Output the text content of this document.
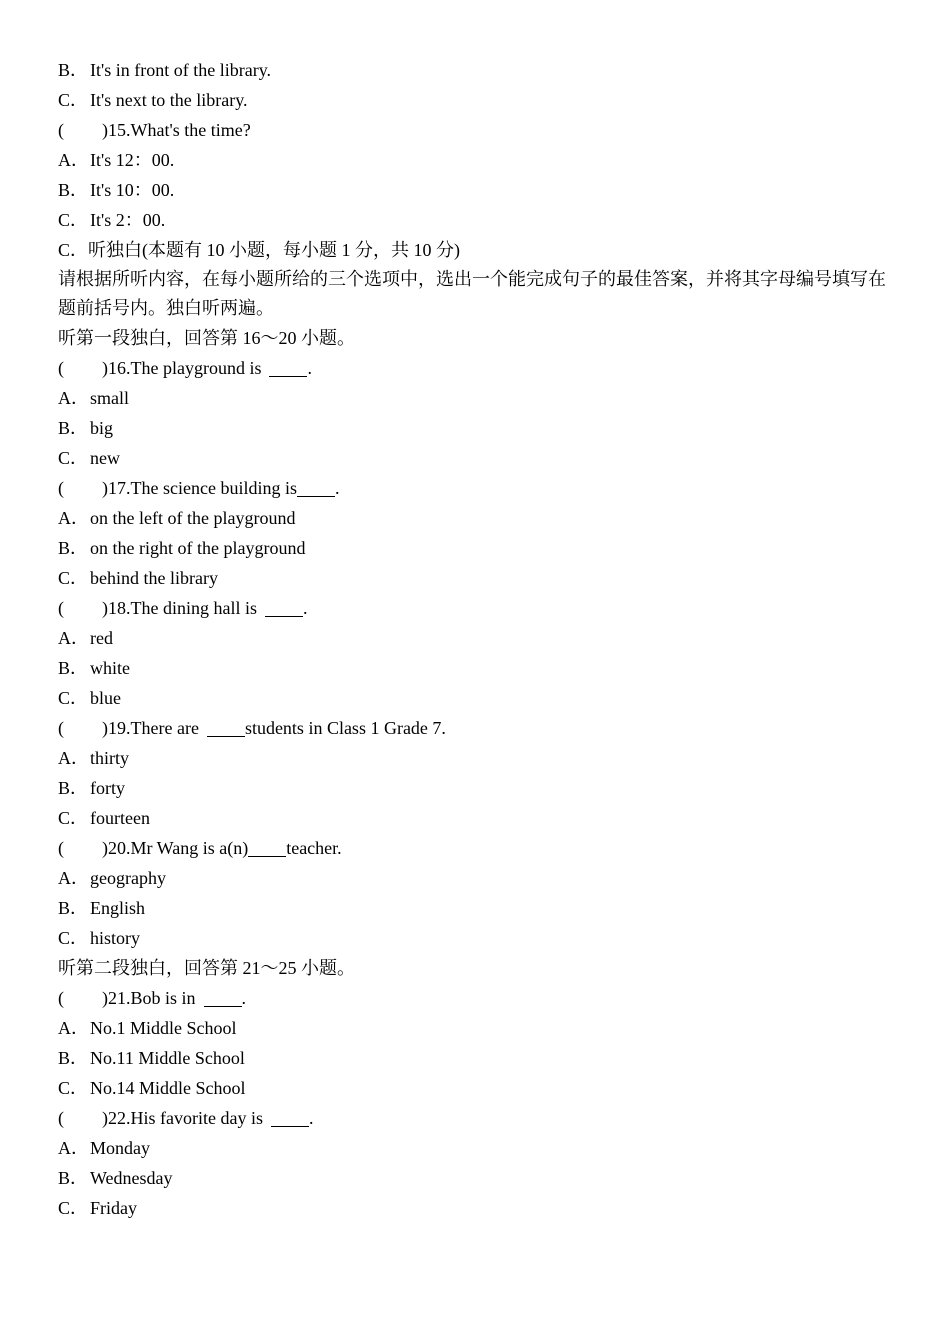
B． It's in front of the library.
C． It's next to the library.
( )15.What's the time?
A．It's 12：00.
B． It's 10：00.
C． It's 2：00.
C．听独白(本题有 10 小题，每小题 1 分，共 10 分)
请根据所听内容，在每小题所给的三个选项中，选出一个能完成句子的最佳答案，并将其字母编号填写在题前括号内。独白听两遍。
听第一段独白，回答第 16～20 小题。
( )16.The playground is	.
A．small
B． big
C． new
( )17.The science building is .
A．on the left of the playground
B． on the right of the playground
C． behind the library
( )18.The dining hall is	.
A．red
B． white
C． blue
( )19.There are	students in Class 1 Grade 7.
A．thirty
B． forty
C． fourteen
( )20.Mr Wang is a(n) teacher.
A．geography
B． English
C． history
听第二段独白，回答第 21～25 小题。
( )21.Bob is in	.
A．No.1 Middle School
B． No.11 Middle School
C． No.14 Middle School
( )22.His favorite day is	.
A．Monday
B． Wednesday
C． Friday
